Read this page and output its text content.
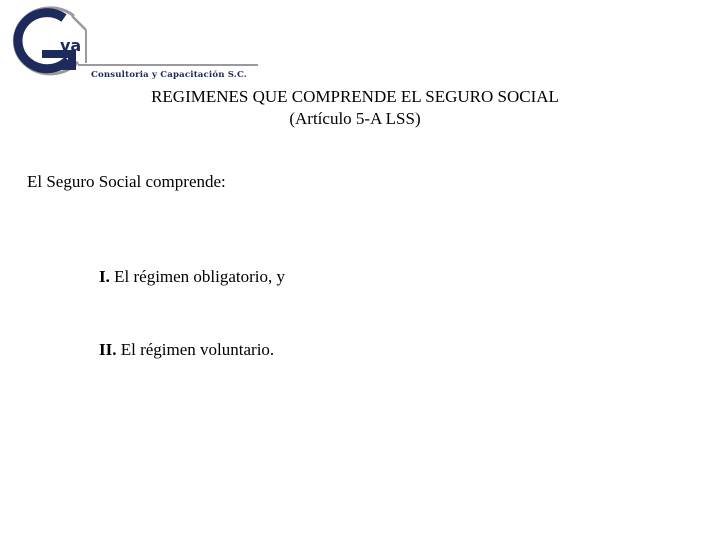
va
Consultoria y Capacitación S.C.
REGIMENES QUE COMPRENDE EL SEGURO SOCIAL
(Artículo 5-A LSS)
El Seguro Social comprende:
I. El régimen obligatorio, y
II. El régimen voluntario.
